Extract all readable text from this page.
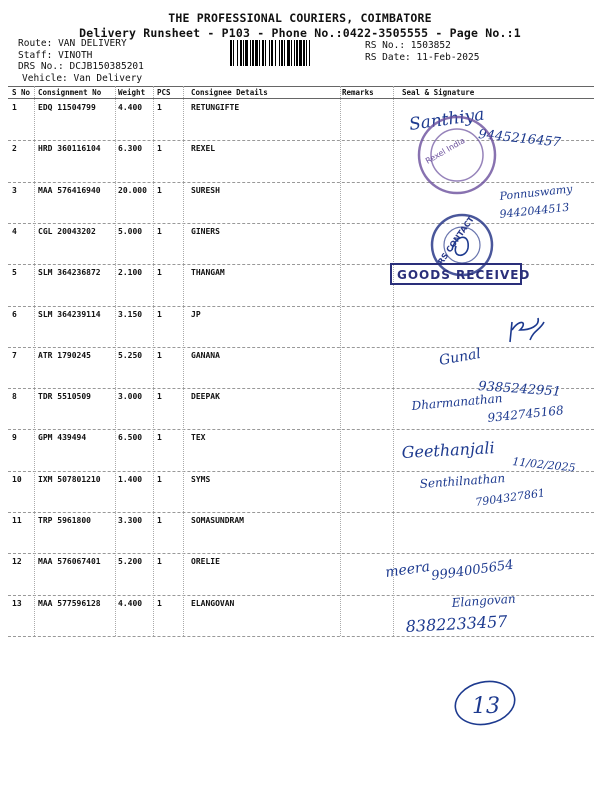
THE PROFESSIONAL COURIERS, COIMBATORE
Delivery Runsheet - P103 - Phone No.:0422-3505555 - Page No.:1
Route: VAN DELIVERY
Staff: VINOTH
DRS No.: DCJB150385201
Vehicle: Van Delivery
RS No.: 1503852
RS Date: 11-Feb-2025
S No Consignment No Weight PCS	Consignee Details	Remarks	Seal & Signature
1	EDQ 11504799	4.400 1	RETUNGIFTE
2	HRD 360116104 6.300 1	REXEL
3	MAA 576416940 20.000 1	SURESH
4	CGL 20043202	5.000 1	GINERS
5	SLM 364236872 2.100 1	THANGAM
6	SLM 364239114 3.150 1	JP
7	ATR 1790245	5.250 1	GANANA
8	TDR 5510509	3.000 1	DEEPAK
9	GPM 439494	6.500 1	TEX
10 IXM 507801210 1.400 1	SYMS
11 TRP 5961800	3.300 1	SOMASUNDRAM
12 MAA 576067401 5.200 1	ORELIE
13 MAA 577596128 4.400 1	ELANGOVAN
Santhiya
9445216457
Rexel India
Ponnuswamy
9442044513
RS CONTACT
GOODS RECEIVED
Gunal
9385242951
Dharmanathan
9342745168
Geethanjali
11/02/2025
Senthilnathan
7904327861
meera 9994005654
Elangovan
8382233457
13
